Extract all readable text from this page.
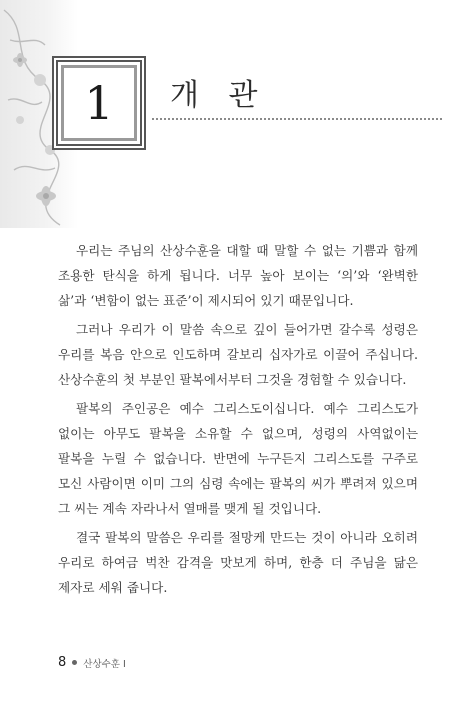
1	개 관

우리는 주님의 산상수훈을 대할 때 말할 수 없는 기쁨과 함께 조용한 탄식을 하게 됩니다. 너무 높아 보이는 ‘의’와 ‘완벽한 삶’과 ‘변함이 없는 표준’이 제시되어 있기 때문입니다.

그러나 우리가 이 말씀 속으로 깊이 들어가면 갈수록 성령은 우리를 복음 안으로 인도하며 갈보리 십자가로 이끌어 주십니다. 산상수훈의 첫 부분인 팔복에서부터 그것을 경험할 수 있습니다.

팔복의 주인공은 예수 그리스도이십니다. 예수 그리스도가 없이는 아무도 팔복을 소유할 수 없으며, 성령의 사역없이는 팔복을 누릴 수 없습니다. 반면에 누구든지 그리스도를 구주로 모신 사람이면 이미 그의 심령 속에는 팔복의 씨가 뿌려져 있으며 그 씨는 계속 자라나서 열매를 맺게 될 것입니다.

결국 팔복의 말씀은 우리를 절망케 만드는 것이 아니라 오히려 우리로 하여금 벅찬 감격을 맛보게 하며, 한층 더 주님을 닮은 제자로 세워 줍니다.

8 산상수훈 I
